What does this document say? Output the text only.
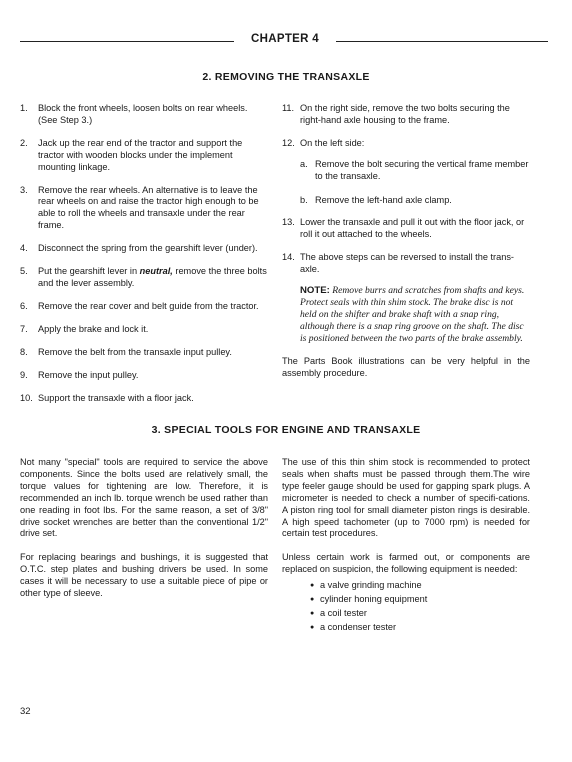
CHAPTER 4
2. REMOVING THE TRANSAXLE

1. Block the front wheels, loosen bolts on rear wheels. (See Step 3.)

2. Jack up the rear end of the tractor and support the tractor with wooden blocks under the implement mounting linkage.

3. Remove the rear wheels. An alternative is to leave the rear wheels on and raise the tractor high enough to be able to roll the wheels and transaxle under the rear frame.

4. Disconnect the spring from the gearshift lever (under).

5. Put the gearshift lever in neutral, remove the three bolts and the lever assembly.

6. Remove the rear cover and belt guide from the tractor.

7. Apply the brake and lock it.

8. Remove the belt from the transaxle input pulley.

9. Remove the input pulley.

10. Support the transaxle with a floor jack.

11. On the right side, remove the two bolts securing the right-hand axle housing to the frame.

12. On the left side:

a. Remove the bolt securing the vertical frame member to the transaxle.

b. Remove the left-hand axle clamp.

13. Lower the transaxle and pull it out with the floor jack, or roll it out attached to the wheels.

14. The above steps can be reversed to install the trans-axle.

NOTE: Remove burrs and scratches from shafts and keys. Protect seals with thin shim stock. The brake disc is not held on the shifter and brake shaft with a snap ring, although there is a snap ring groove on the shaft. The disc is positioned between the two parts of the brake assembly.

The Parts Book illustrations can be very helpful in the assembly procedure.

3. SPECIAL TOOLS FOR ENGINE AND TRANSAXLE

Not many "special" tools are required to service the above components. Since the bolts used are relatively small, the torque values for tightening are low. Therefore, it is recommended an inch lb. torque wrench be used rather than one reading in foot lbs. For the same reason, a set of 3/8" drive socket wrenches are better than the conventional 1/2" drive set.

For replacing bearings and bushings, it is suggested that O.T.C. step plates and bushing drivers be used. In some cases it will be necessary to use a suitable piece of pipe or other type of sleeve.

The use of this thin shim stock is recommended to protect seals when shafts must be passed through them.The wire type feeler gauge should be used for gapping spark plugs. A micrometer is needed to check a number of specifi-cations. A piston ring tool for small diameter piston rings is desirable. A high speed tachometer (up to 7000 rpm) is needed for certain test procedures.

Unless certain work is farmed out, or components are replaced on suspicion, the following equipment is needed:

● a valve grinding machine
● cylinder honing equipment
● a coil tester
● a condenser tester
32
